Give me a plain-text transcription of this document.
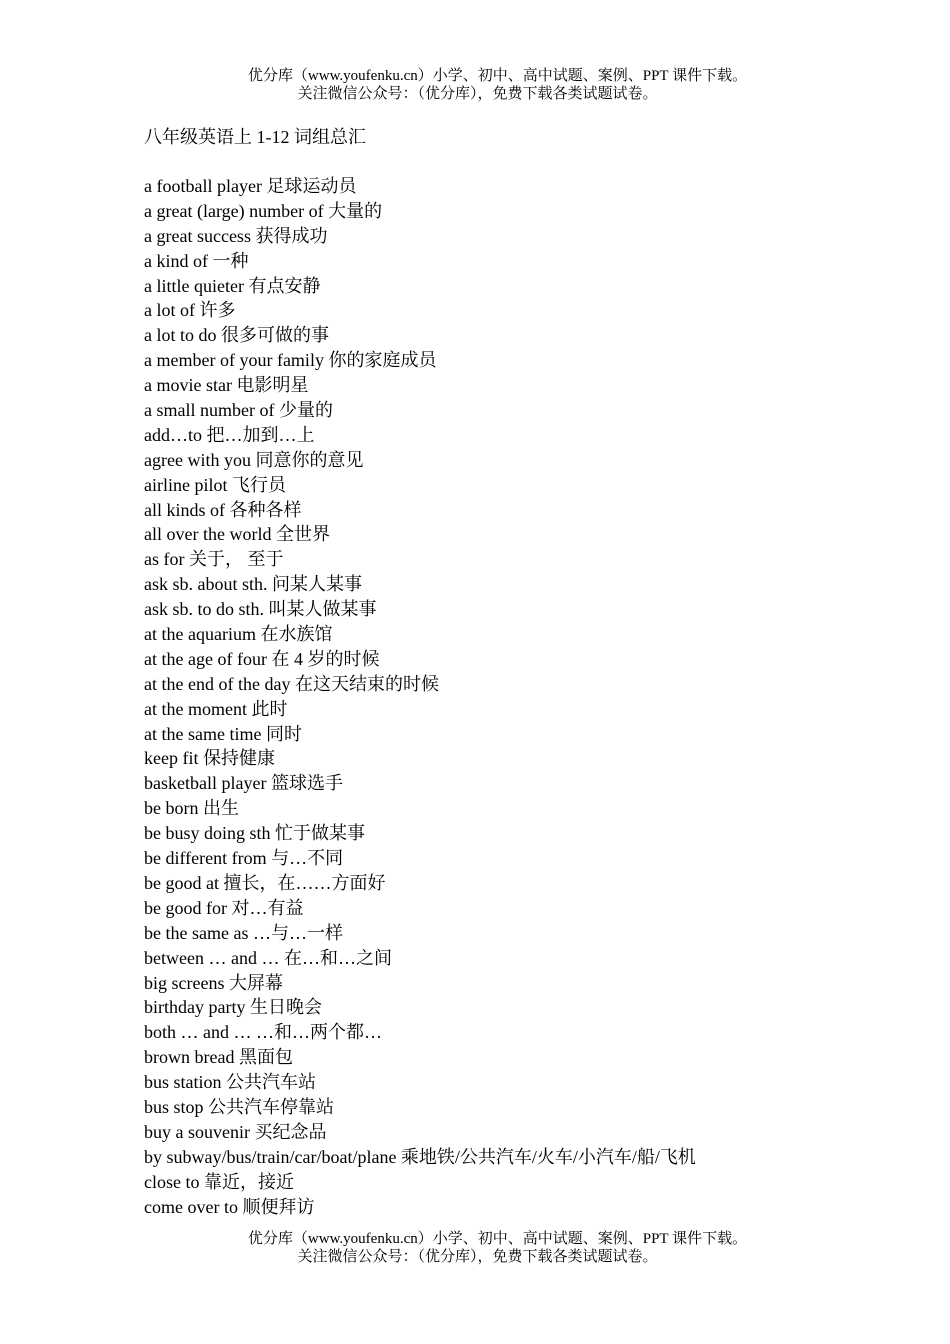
优分库（www.youfenku.cn）小学、初中、高中试题、案例、PPT 课件下载。
关注微信公众号：（优分库），免费下载各类试题试卷。
八年级英语上 1-12 词组总汇
a football player 足球运动员
a great (large) number of 大量的
a great success 获得成功
a kind of 一种
a little quieter 有点安静
a lot of 许多
a lot to do 很多可做的事
a member of your family 你的家庭成员
a movie star 电影明星
a small number of 少量的
add…to 把…加到…上
agree with you 同意你的意见
airline pilot 飞行员
all kinds of 各种各样
all over the world 全世界
as for 关于， 至于
ask sb. about sth. 问某人某事
ask sb. to do sth. 叫某人做某事
at the aquarium 在水族馆
at the age of four 在 4 岁的时候
at the end of the day 在这天结束的时候
at the moment 此时
at the same time 同时
keep fit 保持健康
basketball player 篮球选手
be born 出生
be busy doing sth 忙于做某事
be different from 与…不同
be good at 擅长，在……方面好
be good for 对…有益
be the same as …与…一样
between … and … 在…和…之间
big screens 大屏幕
birthday party 生日晚会
both … and … …和…两个都…
brown bread 黑面包
bus station 公共汽车站
bus stop 公共汽车停靠站
buy a souvenir 买纪念品
by subway/bus/train/car/boat/plane 乘地铁/公共汽车/火车/小汽车/船/飞机
close to 靠近，接近
come over to 顺便拜访
优分库（www.youfenku.cn）小学、初中、高中试题、案例、PPT 课件下载。
关注微信公众号：（优分库），免费下载各类试题试卷。
